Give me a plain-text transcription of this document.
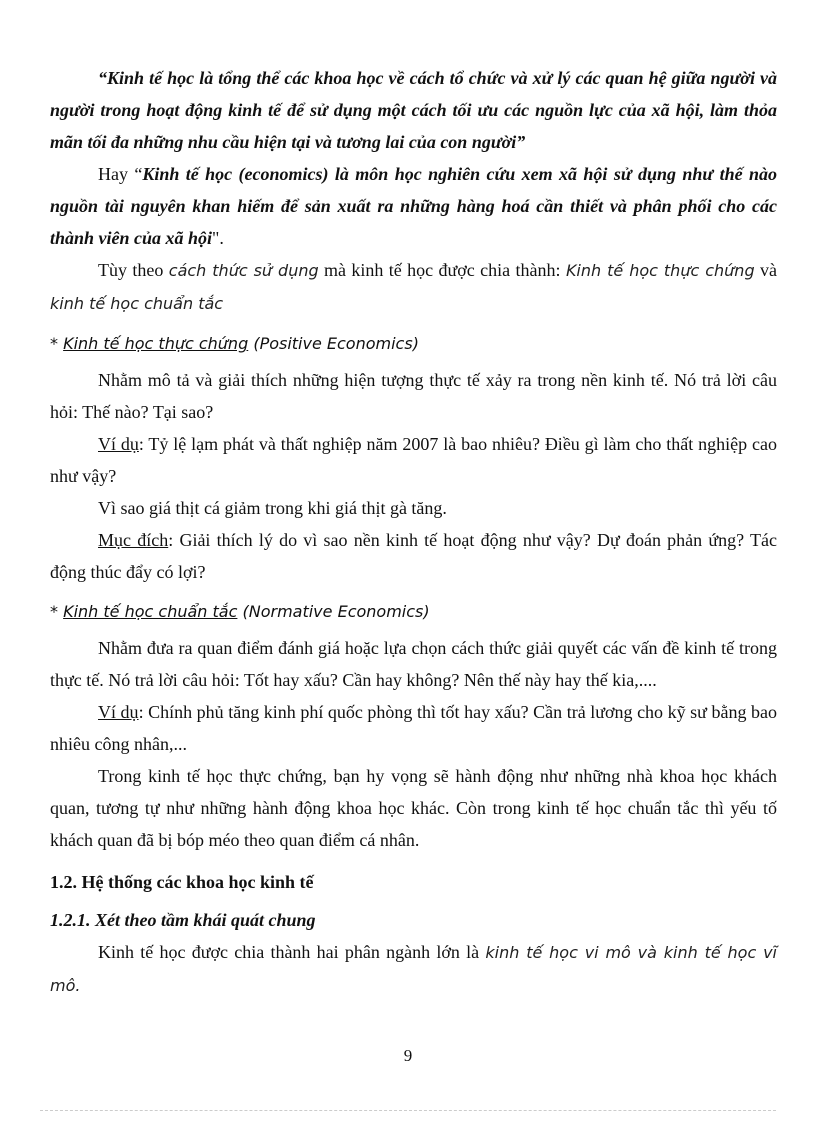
“Kinh tế học là tổng thể các khoa học về cách tổ chức và xử lý các quan hệ giữa người và người trong hoạt động kinh tế để sử dụng một cách tối ưu các nguồn lực của xã hội, làm thỏa mãn tối đa những nhu cầu hiện tại và tương lai của con người”

Hay “Kinh tế học (economics) là môn học nghiên cứu xem xã hội sử dụng như thế nào nguồn tài nguyên khan hiếm để sản xuất ra những hàng hoá cần thiết và phân phối cho các thành viên của xã hội".

Tùy theo cách thức sử dụng mà kinh tế học được chia thành: Kinh tế học thực chứng và kinh tế học chuẩn tắc

* Kinh tế học thực chứng (Positive Economics)

Nhằm mô tả và giải thích những hiện tượng thực tế xảy ra trong nền kinh tế. Nó trả lời câu hỏi: Thế nào? Tại sao?

Ví dụ: Tỷ lệ lạm phát và thất nghiệp năm 2007 là bao nhiêu? Điều gì làm cho thất nghiệp cao như vậy?

Vì sao giá thịt cá giảm trong khi giá thịt gà tăng.

Mục đích: Giải thích lý do vì sao nền kinh tế hoạt động như vậy? Dự đoán phản ứng? Tác động thúc đẩy có lợi?

* Kinh tế học chuẩn tắc (Normative Economics)

Nhằm đưa ra quan điểm đánh giá hoặc lựa chọn cách thức giải quyết các vấn đề kinh tế trong thực tế. Nó trả lời câu hỏi: Tốt hay xấu? Cần hay không? Nên thế này hay thế kia,....

Ví dụ: Chính phủ tăng kinh phí quốc phòng thì tốt hay xấu? Cần trả lương cho kỹ sư bằng bao nhiêu công nhân,...

Trong kinh tế học thực chứng, bạn hy vọng sẽ hành động như những nhà khoa học khách quan, tương tự như những hành động khoa học khác. Còn trong kinh tế học chuẩn tắc thì yếu tố khách quan đã bị bóp méo theo quan điểm cá nhân.

1.2. Hệ thống các khoa học kinh tế

1.2.1. Xét theo tầm khái quát chung

Kinh tế học được chia thành hai phân ngành lớn là kinh tế học vi mô và kinh tế học vĩ mô.

9
